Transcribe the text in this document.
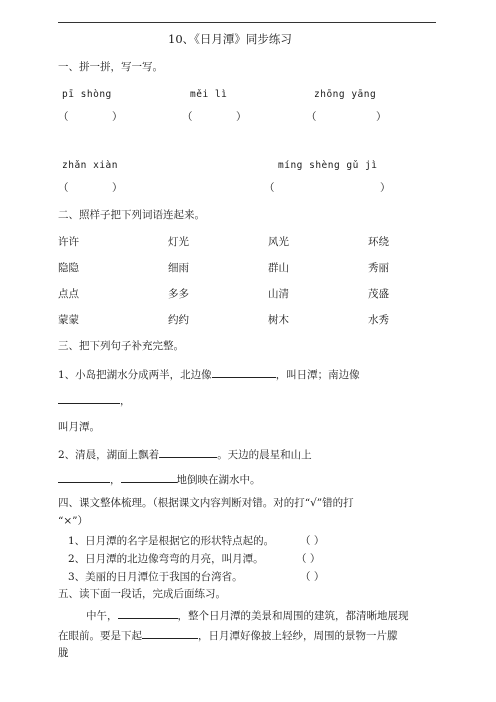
10、《日月潭》同步练习
一、拼一拼，写一写。
pī shòng	měi lì	zhōng yāng
（	）	（	）	（	）
zhǎn xiàn	míng shèng gǔ jì
（	）	（	）
二、照样子把下列词语连起来。
许许	灯光	风光	环绕
隐隐	细雨	群山	秀丽
点点	多多	山清	茂盛
蒙蒙	约约	树木	水秀
三、把下列句子补充完整。
1、小岛把湖水分成两半，北边像	，叫日潭；南边像
，
叫月潭。
2、清晨，湖面上飘着	。天边的晨星和山上
，	地倒映在湖水中。
四、课文整体梳理。（根据课文内容判断对错。对的打“√”错的打
“×”）
1、日月潭的名字是根据它的形状特点起的。 （ ）
2、日月潭的北边像弯弯的月亮，叫月潭。	（ ）
3、美丽的日月潭位于我国的台湾省。	（ ）
五、读下面一段话，完成后面练习。
中午，	，整个日月潭的美景和周围的建筑，都清晰地展现
在眼前。要是下起	，日月潭好像披上轻纱，周围的景物一片朦
胧
